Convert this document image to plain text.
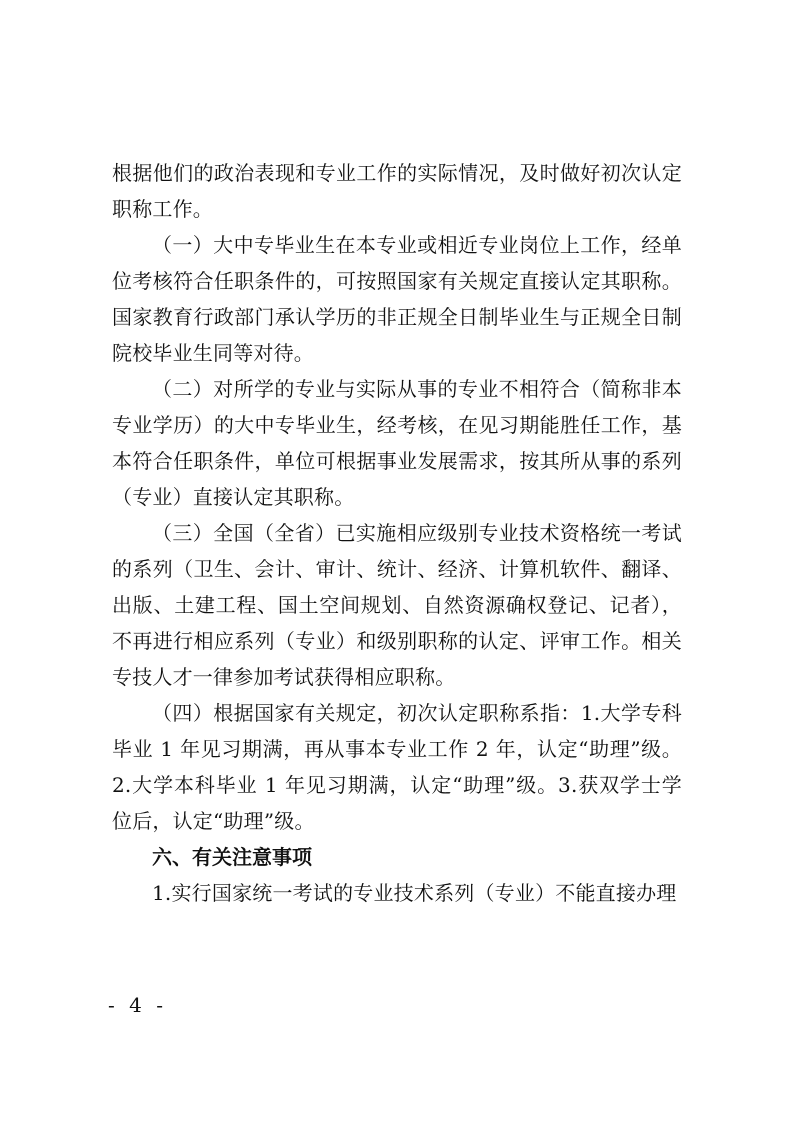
根据他们的政治表现和专业工作的实际情况，及时做好初次认定职称工作。

（一）大中专毕业生在本专业或相近专业岗位上工作，经单位考核符合任职条件的，可按照国家有关规定直接认定其职称。国家教育行政部门承认学历的非正规全日制毕业生与正规全日制院校毕业生同等对待。

（二）对所学的专业与实际从事的专业不相符合（简称非本专业学历）的大中专毕业生，经考核，在见习期能胜任工作，基本符合任职条件，单位可根据事业发展需求，按其所从事的系列（专业）直接认定其职称。

（三）全国（全省）已实施相应级别专业技术资格统一考试的系列（卫生、会计、审计、统计、经济、计算机软件、翻译、出版、土建工程、国土空间规划、自然资源确权登记、记者），不再进行相应系列（专业）和级别职称的认定、评审工作。相关专技人才一律参加考试获得相应职称。

（四）根据国家有关规定，初次认定职称系指：1.大学专科毕业 1 年见习期满，再从事本专业工作 2 年，认定“助理”级。2.大学本科毕业 1 年见习期满，认定“助理”级。3.获双学士学位后，认定“助理”级。

六、有关注意事项

1.实行国家统一考试的专业技术系列（专业）不能直接办理

- 4 -
